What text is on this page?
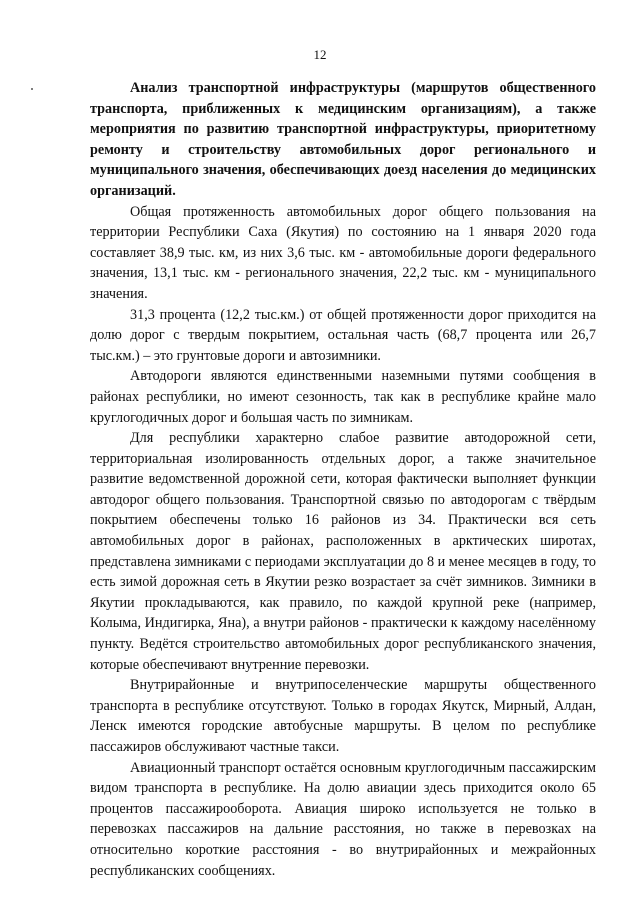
12

Анализ транспортной инфраструктуры (маршрутов общественного транспорта, приближенных к медицинским организациям), а также мероприятия по развитию транспортной инфраструктуры, приоритетному ремонту и строительству автомобильных дорог регионального и муниципального значения, обеспечивающих доезд населения до медицинских организаций.

Общая протяженность автомобильных дорог общего пользования на территории Республики Саха (Якутия) по состоянию на 1 января 2020 года составляет 38,9 тыс. км, из них 3,6 тыс. км - автомобильные дороги федерального значения, 13,1 тыс. км - регионального значения, 22,2 тыс. км - муниципального значения.

31,3 процента (12,2 тыс.км.) от общей протяженности дорог приходится на долю дорог с твердым покрытием, остальная часть (68,7 процента или 26,7 тыс.км.) – это грунтовые дороги и автозимники.

Автодороги являются единственными наземными путями сообщения в районах республики, но имеют сезонность, так как в республике крайне мало круглогодичных дорог и большая часть по зимникам.

Для республики характерно слабое развитие автодорожной сети, территориальная изолированность отдельных дорог, а также значительное развитие ведомственной дорожной сети, которая фактически выполняет функции автодорог общего пользования. Транспортной связью по автодорогам с твёрдым покрытием обеспечены только 16 районов из 34. Практически вся сеть автомобильных дорог в районах, расположенных в арктических широтах, представлена зимниками с периодами эксплуатации до 8 и менее месяцев в году, то есть зимой дорожная сеть в Якутии резко возрастает за счёт зимников. Зимники в Якутии прокладываются, как правило, по каждой крупной реке (например, Колыма, Индигирка, Яна), а внутри районов - практически к каждому населённому пункту. Ведётся строительство автомобильных дорог республиканского значения, которые обеспечивают внутренние перевозки.

Внутрирайонные и внутрипоселенческие маршруты общественного транспорта в республике отсутствуют. Только в городах Якутск, Мирный, Алдан, Ленск имеются городские автобусные маршруты. В целом по республике пассажиров обслуживают частные такси.

Авиационный транспорт остаётся основным круглогодичным пассажирским видом транспорта в республике. На долю авиации здесь приходится около 65 процентов пассажирооборота. Авиация широко используется не только в перевозках пассажиров на дальние расстояния, но также в перевозках на относительно короткие расстояния - во внутрирайонных и межрайонных республиканских сообщениях.
